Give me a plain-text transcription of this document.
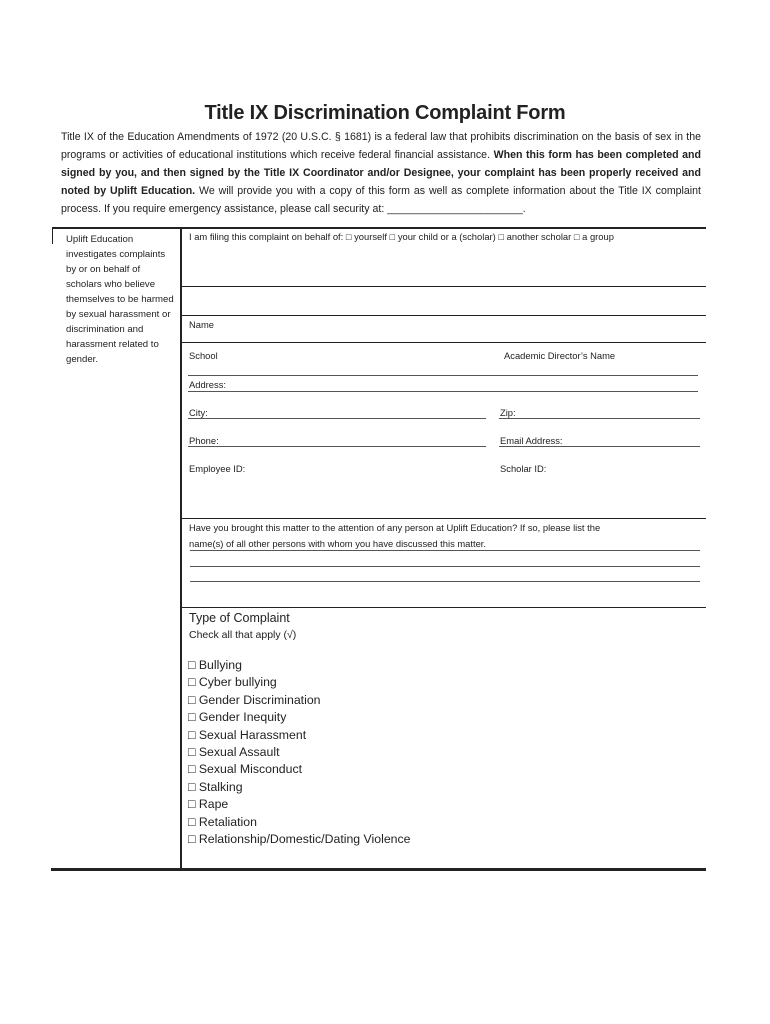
Title IX Discrimination Complaint Form
Title IX of the Education Amendments of 1972 (20 U.S.C. § 1681) is a federal law that prohibits discrimination on the basis of sex in the programs or activities of educational institutions which receive federal financial assistance. When this form has been completed and signed by you, and then signed by the Title IX Coordinator and/or Designee, your complaint has been properly received and noted by Uplift Education. We will provide you with a copy of this form as well as complete information about the Title IX complaint process. If you require emergency assistance, please call security at: _______________________.
Uplift Education investigates complaints by or on behalf of scholars who believe themselves to be harmed by sexual harassment or discrimination and harassment related to gender.
I am filing this complaint on behalf of: □ yourself □ your child or a (scholar) □ another scholar □ a group
Name
School	Academic Director’s Name
Address:
City:	Zip:
Phone:	Email Address:
Employee ID:	Scholar ID:
Have you brought this matter to the attention of any person at Uplift Education? If so, please list the
name(s) of all other persons with whom you have discussed this matter.
Type of Complaint
Check all that apply (√)
□ Bullying
□ Cyber bullying
□ Gender Discrimination
□ Gender Inequity
□ Sexual Harassment
□ Sexual Assault
□ Sexual Misconduct
□ Stalking
□ Rape
□ Retaliation
□ Relationship/Domestic/Dating Violence
